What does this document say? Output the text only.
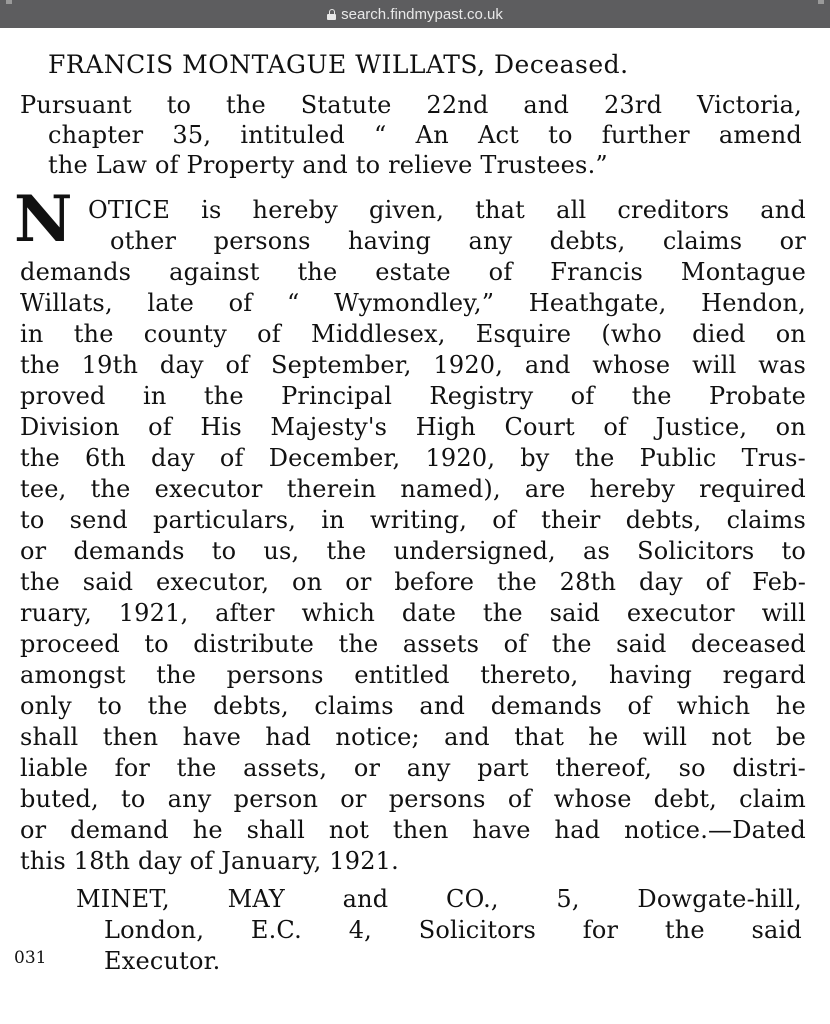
search.findmypast.co.uk
FRANCIS MONTAGUE WILLATS, Deceased.
Pursuant to the Statute 22nd and 23rd Victoria,
chapter 35, intituled “ An Act to further amend
the Law of Property and to relieve Trustees.”
N OTICE is hereby given, that all creditors and
other persons having any debts, claims or
demands against the estate of Francis Montague
Willats, late of “ Wymondley,” Heathgate, Hendon,
in the county of Middlesex, Esquire (who died on
the 19th day of September, 1920, and whose will was
proved in the Principal Registry of the Probate
Division of His Majesty's High Court of Justice, on
the 6th day of December, 1920, by the Public Trus-
tee, the executor therein named), are hereby required
to send particulars, in writing, of their debts, claims
or demands to us, the undersigned, as Solicitors to
the said executor, on or before the 28th day of Feb-
ruary, 1921, after which date the said executor will
proceed to distribute the assets of the said deceased
amongst the persons entitled thereto, having regard
only to the debts, claims and demands of which he
shall then have had notice; and that he will not be
liable for the assets, or any part thereof, so distri-
buted, to any person or persons of whose debt, claim
or demand he shall not then have had notice.—Dated
this 18th day of January, 1921.
MINET, MAY and CO., 5, Dowgate-hill,
London, E.C. 4, Solicitors for the said
Executor.
031
